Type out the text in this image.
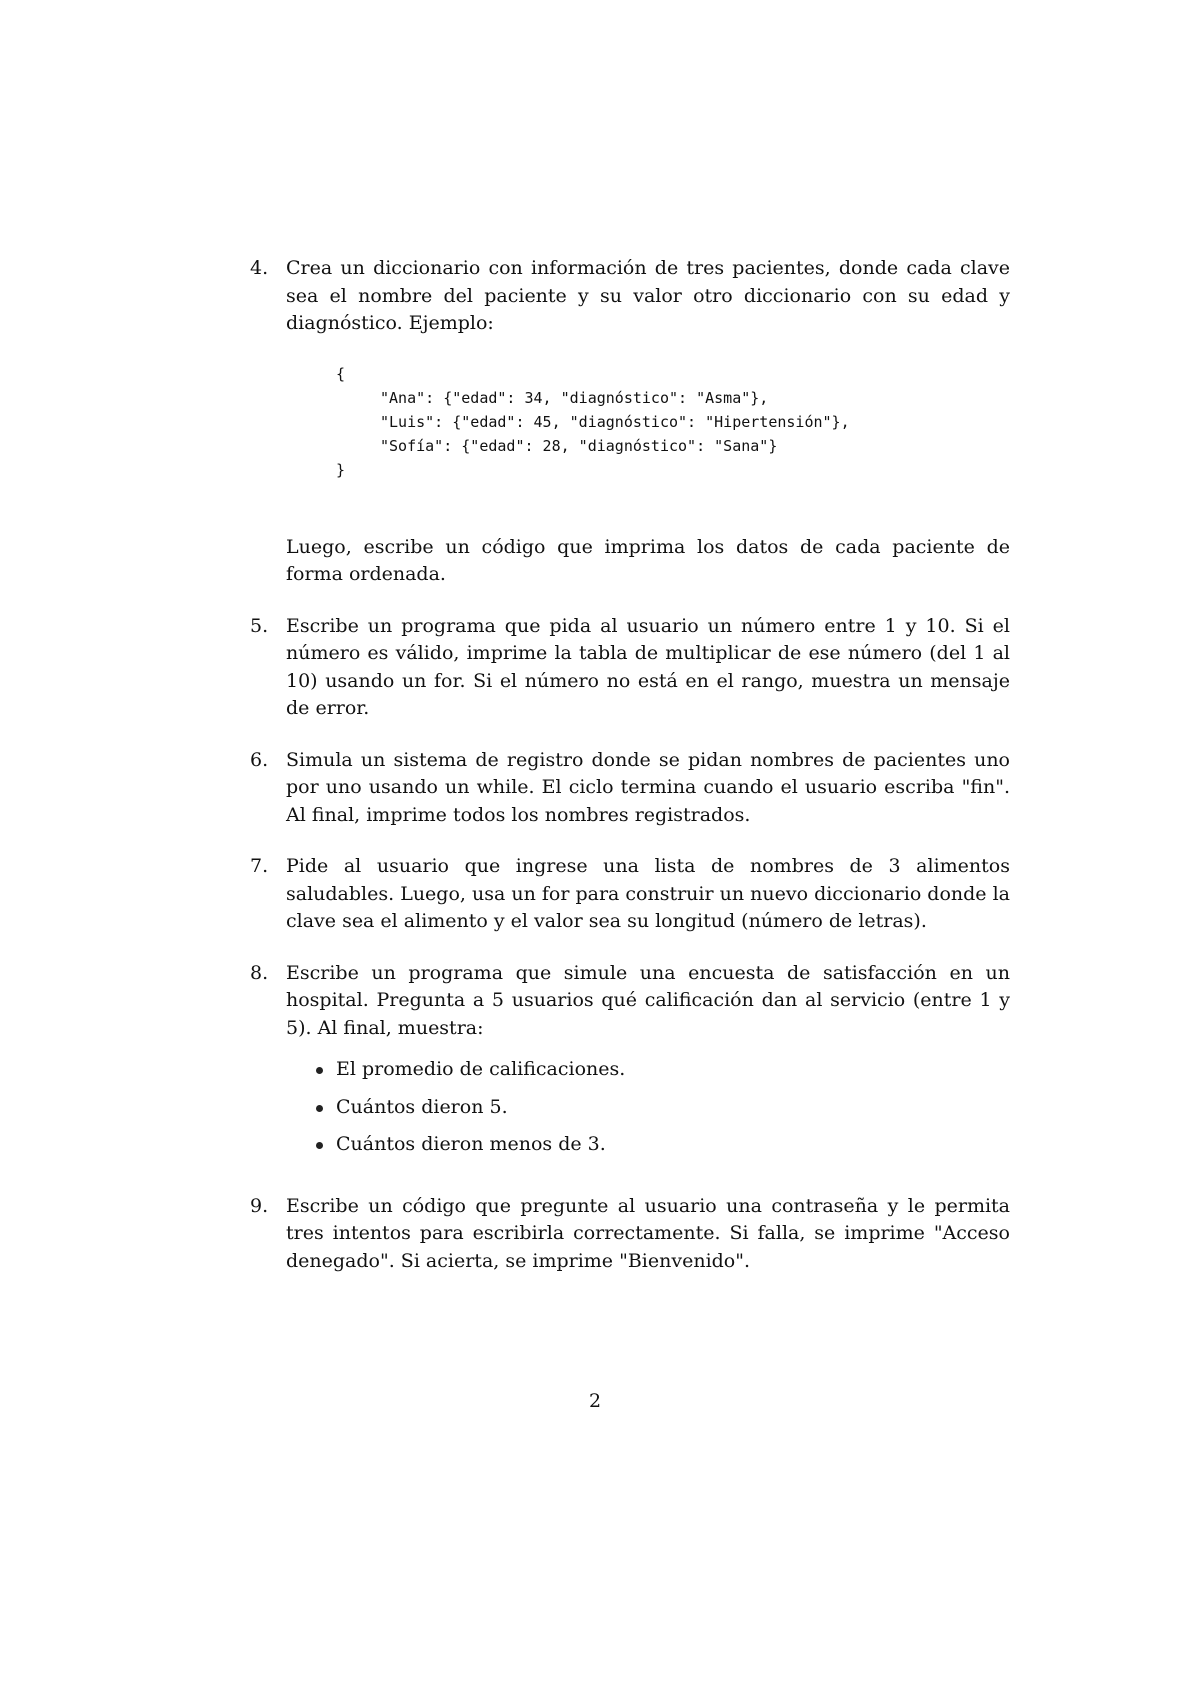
4. Crea un diccionario con información de tres pacientes, donde cada clave sea el nombre del paciente y su valor otro diccionario con su edad y diagnóstico. Ejemplo:
{
"Ana": {"edad": 34, "diagnóstico": "Asma"},
"Luis": {"edad": 45, "diagnóstico": "Hipertensión"},
"Sofía": {"edad": 28, "diagnóstico": "Sana"}
}
Luego, escribe un código que imprima los datos de cada paciente de forma ordenada.
5. Escribe un programa que pida al usuario un número entre 1 y 10. Si el número es válido, imprime la tabla de multiplicar de ese número (del 1 al 10) usando un for. Si el número no está en el rango, muestra un mensaje de error.
6. Simula un sistema de registro donde se pidan nombres de pacientes uno por uno usando un while. El ciclo termina cuando el usuario escriba "fin". Al final, imprime todos los nombres registrados.
7. Pide al usuario que ingrese una lista de nombres de 3 alimentos saludables. Luego, usa un for para construir un nuevo diccionario donde la clave sea el alimento y el valor sea su longitud (número de letras).
8. Escribe un programa que simule una encuesta de satisfacción en un hospital. Pregunta a 5 usuarios qué calificación dan al servicio (entre 1 y 5). Al final, muestra:
El promedio de calificaciones.
Cuántos dieron 5.
Cuántos dieron menos de 3.
9. Escribe un código que pregunte al usuario una contraseña y le permita tres intentos para escribirla correctamente. Si falla, se imprime "Acceso denegado". Si acierta, se imprime "Bienvenido".
2
